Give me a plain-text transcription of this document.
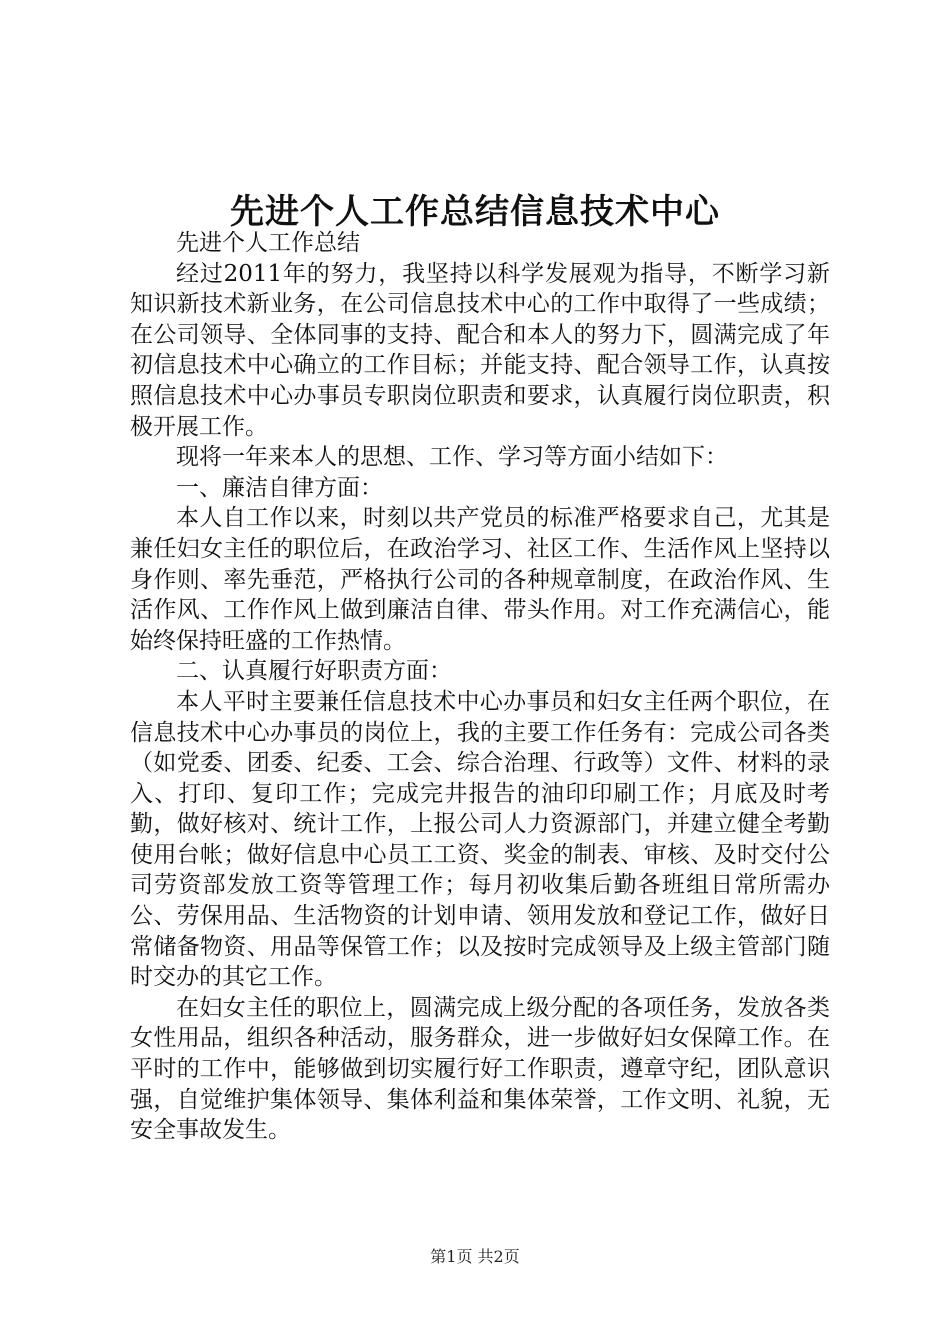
先进个人工作总结信息技术中心

先进个人工作总结

经过2011年的努力，我坚持以科学发展观为指导，不断学习新知识新技术新业务，在公司信息技术中心的工作中取得了一些成绩；在公司领导、全体同事的支持、配合和本人的努力下，圆满完成了年初信息技术中心确立的工作目标；并能支持、配合领导工作，认真按照信息技术中心办事员专职岗位职责和要求，认真履行岗位职责，积极开展工作。

现将一年来本人的思想、工作、学习等方面小结如下：

一、廉洁自律方面：

本人自工作以来，时刻以共产党员的标准严格要求自己，尤其是兼任妇女主任的职位后，在政治学习、社区工作、生活作风上坚持以身作则、率先垂范，严格执行公司的各种规章制度，在政治作风、生活作风、工作作风上做到廉洁自律、带头作用。对工作充满信心，能始终保持旺盛的工作热情。

二、认真履行好职责方面：

本人平时主要兼任信息技术中心办事员和妇女主任两个职位，在信息技术中心办事员的岗位上，我的主要工作任务有：完成公司各类（如党委、团委、纪委、工会、综合治理、行政等）文件、材料的录入、打印、复印工作；完成完井报告的油印印刷工作；月底及时考勤，做好核对、统计工作，上报公司人力资源部门，并建立健全考勤使用台帐；做好信息中心员工工资、奖金的制表、审核、及时交付公司劳资部发放工资等管理工作；每月初收集后勤各班组日常所需办公、劳保用品、生活物资的计划申请、领用发放和登记工作，做好日常储备物资、用品等保管工作；以及按时完成领导及上级主管部门随时交办的其它工作。

在妇女主任的职位上，圆满完成上级分配的各项任务，发放各类女性用品，组织各种活动，服务群众，进一步做好妇女保障工作。在平时的工作中，能够做到切实履行好工作职责，遵章守纪，团队意识强，自觉维护集体领导、集体利益和集体荣誉，工作文明、礼貌，无安全事故发生。

第1页 共2页
